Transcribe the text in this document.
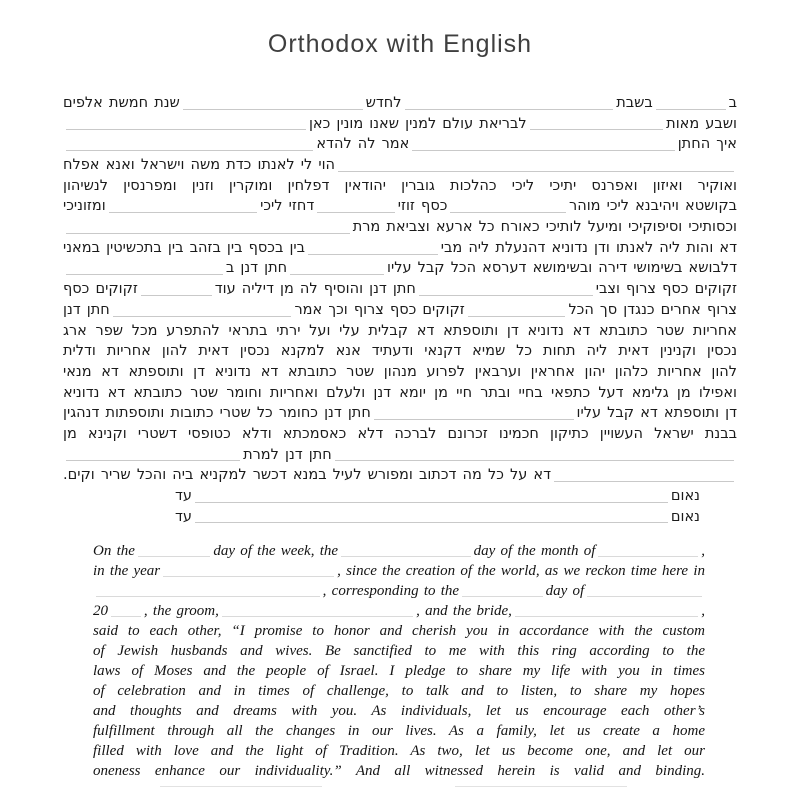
Orthodox with English
ב
בשבת
לחדש
שנת חמשת אלפים
ושבע מאות
לבריאת עולם למנין שאנו מונין כאן
איך החתן
אמר לה להדא
הוי לי לאנתו כדת משה וישראל ואנא אפלח
ואוקיר ואיזון ואפרנס יתיכי ליכי כהלכות גוברין יהודאין דפלחין ומוקרין וזנין ומפרנסין לנשיהון
בקושטא ויהיבנא ליכי מוהר
כסף זוזי
דחזי ליכי
ומזוניכי
וכסותיכי וסיפוקיכי ומיעל לותיכי כאורח כל ארעא וצביאת מרת
דא והות ליה לאנתו ודן נדוניא דהנעלת ליה מבי
בין בכסף בין בזהב בין בתכשיטין במאני
דלבושא בשימושי דירה ובשימושא דערסא הכל קבל עליו
חתן דנן ב
זקוקים כסף צרוף וצבי
חתן דנן והוסיף לה מן דיליה עוד
זקוקים כסף
צרוף אחרים כנגדן סך הכל
זקוקים כסף צרוף וכך אמר
חתן דנן
אחריות שטר כתובתא דא נדוניא דן ותוספתא דא קבלית עלי ועל ירתי בתראי להתפרע מכל שפר ארג
נכסין וקנינין דאית ליה תחות כל שמיא דקנאי ודעתיד אנא למקנא נכסין דאית להון אחריות ודלית
להון אחריות כלהון יהון אחראין וערבאין לפרוע מנהון שטר כתובתא דא נדוניא דן ותוספתא דא מנאי
ואפילו מן גלימא דעל כתפאי בחיי ובתר חיי מן יומא דנן ולעלם ואחריות וחומר שטר כתובתא דא נדוניא
דן ותוספתא דא קבל עליו
חתן דנן כחומר כל שטרי כתובות ותוספתות דנהגין
בבנת ישראל העשויין כתיקון חכמינו זכרונם לברכה דלא כאסמכתא ודלא כטופסי דשטרי וקנינא מן
חתן דנן למרת
דא על כל מה דכתוב ומפורש לעיל במנא דכשר למקניא ביה והכל שריר וקים.
נאום
עד
נאום
עד
On the	day of the week, the	day of the month of	,
in the year	, since the creation of the world, as we reckon time here in
, corresponding to the	day of
20 , the groom,	, and the bride,	,
said to each other, “I promise to honor and cherish you in accordance with the custom
of Jewish husbands and wives. Be sanctified to me with this ring according to the
laws of Moses and the people of Israel. I pledge to share my life with you in times
of celebration and in times of challenge, to talk and to listen, to share my hopes
and thoughts and dreams with you. As individuals, let us encourage each other’s
fulfillment through all the changes in our lives. As a family, let us create a home
filled with love and the light of Tradition. As two, let us become one, and let our
oneness enhance our individuality.” And all witnessed herein is valid and binding.
